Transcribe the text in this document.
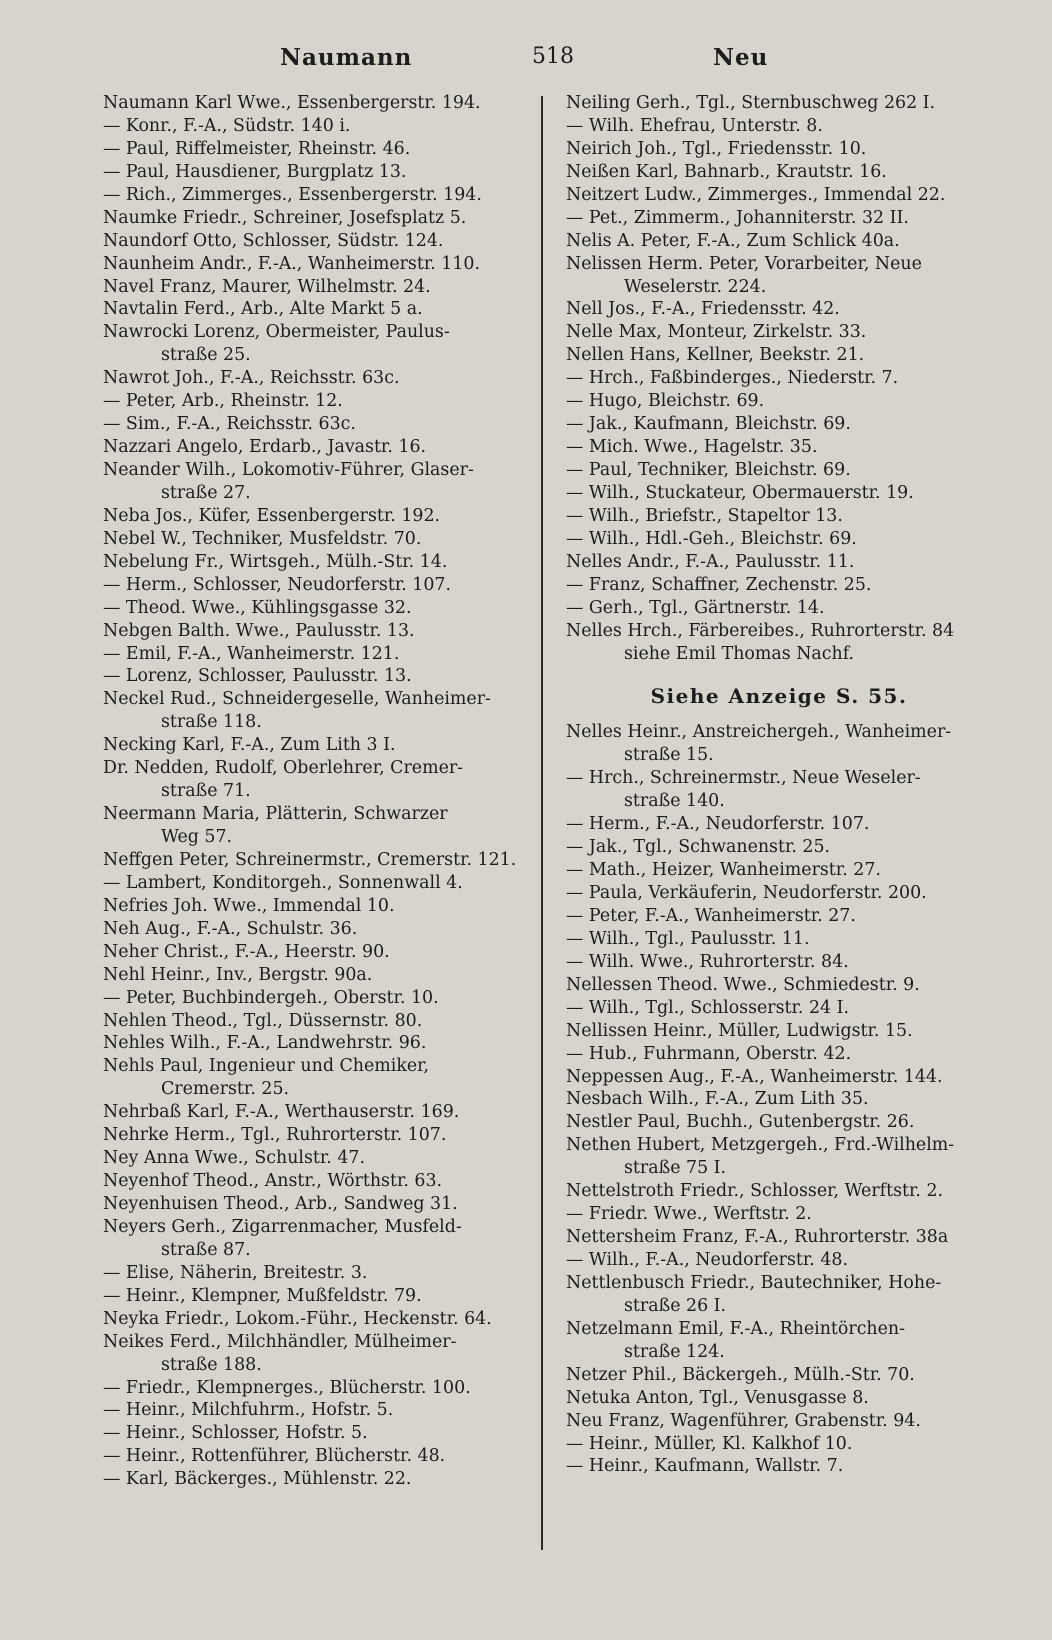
Naumann	518	Neu
Naumann Karl Wwe., Essenbergerstr. 194.
— Konr., F.-A., Südstr. 140 i.
— Paul, Riffelmeister, Rheinstr. 46.
— Paul, Hausdiener, Burgplatz 13.
— Rich., Zimmerges., Essenbergerstr. 194.
Naumke Friedr., Schreiner, Josefsplatz 5.
Naundorf Otto, Schlosser, Südstr. 124.
Naunheim Andr., F.-A., Wanheimerstr. 110.
Navel Franz, Maurer, Wilhelmstr. 24.
Navtalin Ferd., Arb., Alte Markt 5 a.
Nawrocki Lorenz, Obermeister, Paulus-
straße 25.
Nawrot Joh., F.-A., Reichsstr. 63c.
— Peter, Arb., Rheinstr. 12.
— Sim., F.-A., Reichsstr. 63c.
Nazzari Angelo, Erdarb., Javastr. 16.
Neander Wilh., Lokomotiv-Führer, Glaser-
straße 27.
Neba Jos., Küfer, Essenbergerstr. 192.
Nebel W., Techniker, Musfeldstr. 70.
Nebelung Fr., Wirtsgeh., Mülh.-Str. 14.
— Herm., Schlosser, Neudorferstr. 107.
— Theod. Wwe., Kühlingsgasse 32.
Nebgen Balth. Wwe., Paulusstr. 13.
— Emil, F.-A., Wanheimerstr. 121.
— Lorenz, Schlosser, Paulusstr. 13.
Neckel Rud., Schneidergeselle, Wanheimer-
straße 118.
Necking Karl, F.-A., Zum Lith 3 I.
Dr. Nedden, Rudolf, Oberlehrer, Cremer-
straße 71.
Neermann Maria, Plätterin, Schwarzer
Weg 57.
Neffgen Peter, Schreinermstr., Cremerstr. 121.
— Lambert, Konditorgeh., Sonnenwall 4.
Nefries Joh. Wwe., Immendal 10.
Neh Aug., F.-A., Schulstr. 36.
Neher Christ., F.-A., Heerstr. 90.
Nehl Heinr., Inv., Bergstr. 90a.
— Peter, Buchbindergeh., Oberstr. 10.
Nehlen Theod., Tgl., Düssernstr. 80.
Nehles Wilh., F.-A., Landwehrstr. 96.
Nehls Paul, Ingenieur und Chemiker,
Cremerstr. 25.
Nehrbaß Karl, F.-A., Werthauserstr. 169.
Nehrke Herm., Tgl., Ruhrorterstr. 107.
Ney Anna Wwe., Schulstr. 47.
Neyenhof Theod., Anstr., Wörthstr. 63.
Neyenhuisen Theod., Arb., Sandweg 31.
Neyers Gerh., Zigarrenmacher, Musfeld-
straße 87.
— Elise, Näherin, Breitestr. 3.
— Heinr., Klempner, Mußfeldstr. 79.
Neyka Friedr., Lokom.-Führ., Heckenstr. 64.
Neikes Ferd., Milchhändler, Mülheimer-
straße 188.
— Friedr., Klempnerges., Blücherstr. 100.
— Heinr., Milchfuhrm., Hofstr. 5.
— Heinr., Schlosser, Hofstr. 5.
— Heinr., Rottenführer, Blücherstr. 48.
— Karl, Bäckerges., Mühlenstr. 22.
Neiling Gerh., Tgl., Sternbuschweg 262 I.
— Wilh. Ehefrau, Unterstr. 8.
Neirich Joh., Tgl., Friedensstr. 10.
Neißen Karl, Bahnarb., Krautstr. 16.
Neitzert Ludw., Zimmerges., Immendal 22.
— Pet., Zimmerm., Johanniterstr. 32 II.
Nelis A. Peter, F.-A., Zum Schlick 40a.
Nelissen Herm. Peter, Vorarbeiter, Neue
Weselerstr. 224.
Nell Jos., F.-A., Friedensstr. 42.
Nelle Max, Monteur, Zirkelstr. 33.
Nellen Hans, Kellner, Beekstr. 21.
— Hrch., Faßbinderges., Niederstr. 7.
— Hugo, Bleichstr. 69.
— Jak., Kaufmann, Bleichstr. 69.
— Mich. Wwe., Hagelstr. 35.
— Paul, Techniker, Bleichstr. 69.
— Wilh., Stuckateur, Obermauerstr. 19.
— Wilh., Briefstr., Stapeltor 13.
— Wilh., Hdl.-Geh., Bleichstr. 69.
Nelles Andr., F.-A., Paulusstr. 11.
— Franz, Schaffner, Zechenstr. 25.
— Gerh., Tgl., Gärtnerstr. 14.
Nelles Hrch., Färbereibes., Ruhrorterstr. 84
siehe Emil Thomas Nachf.
Siehe Anzeige S. 55.
Nelles Heinr., Anstreichergeh., Wanheimer-
straße 15.
— Hrch., Schreinermstr., Neue Weseler-
straße 140.
— Herm., F.-A., Neudorferstr. 107.
— Jak., Tgl., Schwanenstr. 25.
— Math., Heizer, Wanheimerstr. 27.
— Paula, Verkäuferin, Neudorferstr. 200.
— Peter, F.-A., Wanheimerstr. 27.
— Wilh., Tgl., Paulusstr. 11.
— Wilh. Wwe., Ruhrorterstr. 84.
Nellessen Theod. Wwe., Schmiedestr. 9.
— Wilh., Tgl., Schlosserstr. 24 I.
Nellissen Heinr., Müller, Ludwigstr. 15.
— Hub., Fuhrmann, Oberstr. 42.
Neppessen Aug., F.-A., Wanheimerstr. 144.
Nesbach Wilh., F.-A., Zum Lith 35.
Nestler Paul, Buchh., Gutenbergstr. 26.
Nethen Hubert, Metzgergeh., Frd.-Wilhelm-
straße 75 I.
Nettelstroth Friedr., Schlosser, Werftstr. 2.
— Friedr. Wwe., Werftstr. 2.
Nettersheim Franz, F.-A., Ruhrorterstr. 38a
— Wilh., F.-A., Neudorferstr. 48.
Nettlenbusch Friedr., Bautechniker, Hohe-
straße 26 I.
Netzelmann Emil, F.-A., Rheintörchen-
straße 124.
Netzer Phil., Bäckergeh., Mülh.-Str. 70.
Netuka Anton, Tgl., Venusgasse 8.
Neu Franz, Wagenführer, Grabenstr. 94.
— Heinr., Müller, Kl. Kalkhof 10.
— Heinr., Kaufmann, Wallstr. 7.
